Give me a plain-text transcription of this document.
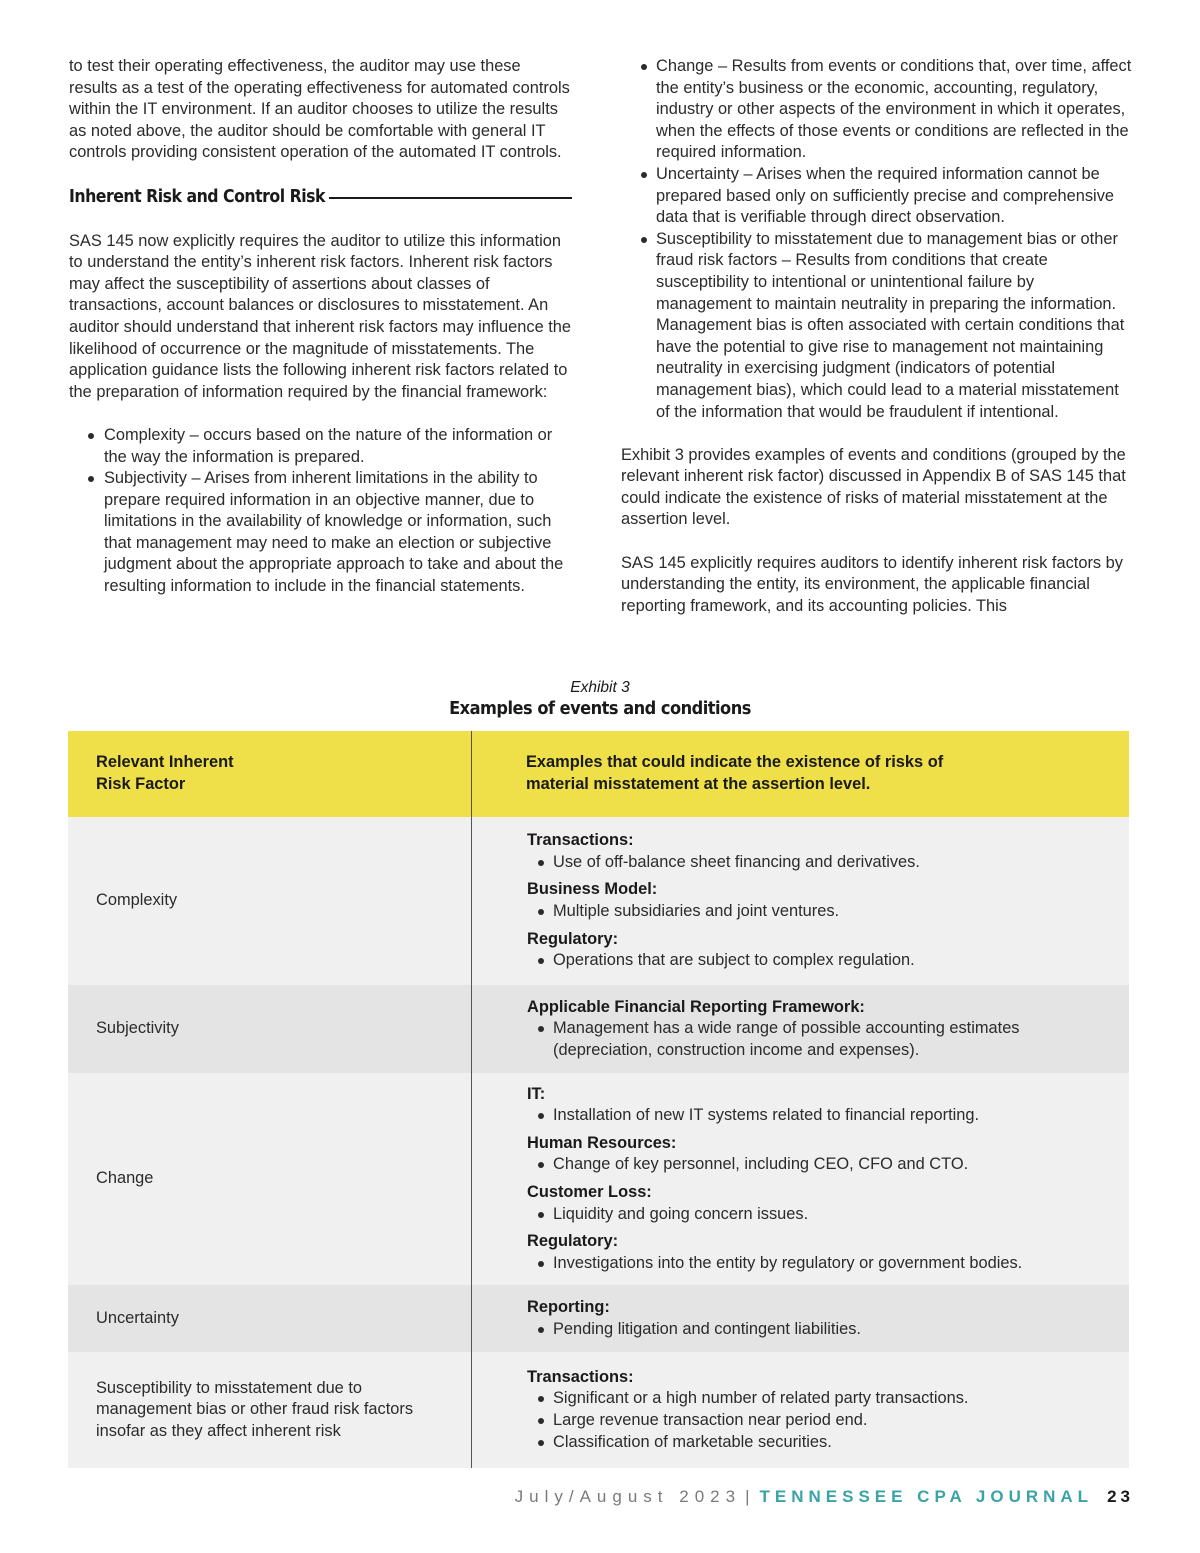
to test their operating effectiveness, the auditor may use these results as a test of the operating effectiveness for automated controls within the IT environment. If an auditor chooses to utilize the results as noted above, the auditor should be comfortable with general IT controls providing consistent operation of the automated IT controls.

Inherent Risk and Control Risk

SAS 145 now explicitly requires the auditor to utilize this information to understand the entity’s inherent risk factors. Inherent risk factors may affect the susceptibility of assertions about classes of transactions, account balances or disclosures to misstatement. An auditor should understand that inherent risk factors may influence the likelihood of occurrence or the magnitude of misstatements. The application guidance lists the following inherent risk factors related to the preparation of information required by the financial framework:

Complexity – occurs based on the nature of the information or the way the information is prepared.
Subjectivity – Arises from inherent limitations in the ability to prepare required information in an objective manner, due to limitations in the availability of knowledge or information, such that management may need to make an election or subjective judgment about the appropriate approach to take and about the resulting information to include in the financial statements.
Change – Results from events or conditions that, over time, affect the entity’s business or the economic, accounting, regulatory, industry or other aspects of the environment in which it operates, when the effects of those events or conditions are reflected in the required information.
Uncertainty – Arises when the required information cannot be prepared based only on sufficiently precise and comprehensive data that is verifiable through direct observation.
Susceptibility to misstatement due to management bias or other fraud risk factors – Results from conditions that create susceptibility to intentional or unintentional failure by management to maintain neutrality in preparing the information. Management bias is often associated with certain conditions that have the potential to give rise to management not maintaining neutrality in exercising judgment (indicators of potential management bias), which could lead to a material misstatement of the information that would be fraudulent if intentional.

Exhibit 3 provides examples of events and conditions (grouped by the relevant inherent risk factor) discussed in Appendix B of SAS 145 that could indicate the existence of risks of material misstatement at the assertion level.

SAS 145 explicitly requires auditors to identify inherent risk factors by understanding the entity, its environment, the applicable financial reporting framework, and its accounting policies. This

Exhibit 3
Examples of events and conditions
Relevant Inherent Risk Factor
Examples that could indicate the existence of risks of material misstatement at the assertion level.
Complexity
Transactions:
Use of off-balance sheet financing and derivatives.
Business Model:
Multiple subsidiaries and joint ventures.
Regulatory:
Operations that are subject to complex regulation.
Subjectivity
Applicable Financial Reporting Framework:
Management has a wide range of possible accounting estimates (depreciation, construction income and expenses).
Change
IT:
Installation of new IT systems related to financial reporting.
Human Resources:
Change of key personnel, including CEO, CFO and CTO.
Customer Loss:
Liquidity and going concern issues.
Regulatory:
Investigations into the entity by regulatory or government bodies.
Uncertainty
Reporting:
Pending litigation and contingent liabilities.
Susceptibility to misstatement due to management bias or other fraud risk factors insofar as they affect inherent risk
Transactions:
Significant or a high number of related party transactions.
Large revenue transaction near period end.
Classification of marketable securities.
July/August 2023 | TENNESSEE CPA JOURNAL 23
